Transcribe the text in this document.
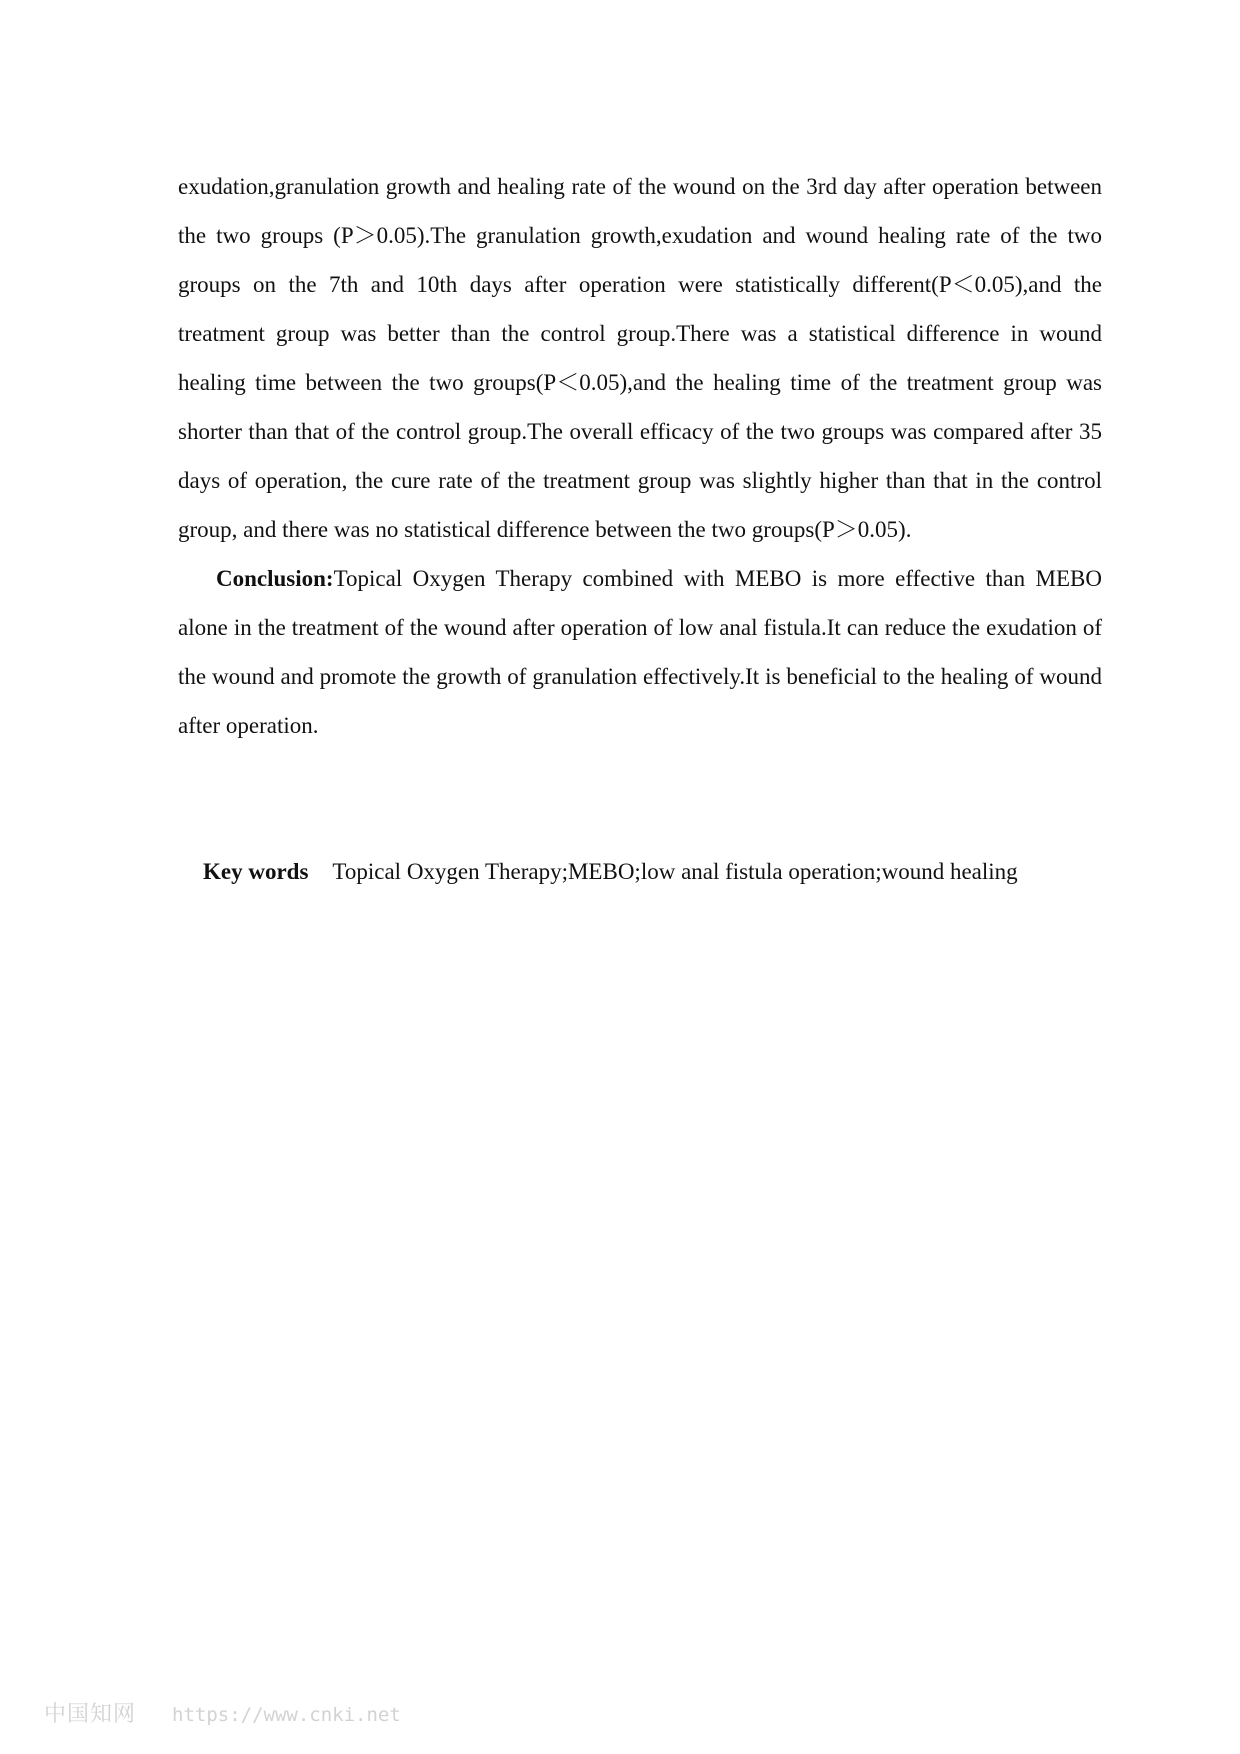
exudation,granulation growth and healing rate of the wound on the 3rd day after operation between the two groups (P＞0.05).The granulation growth,exudation and wound healing rate of the two groups on the 7th and 10th days after operation were statistically different(P＜0.05),and the treatment group was better than the control group.There was a statistical difference in wound healing time between the two groups(P＜0.05),and the healing time of the treatment group was shorter than that of the control group.The overall efficacy of the two groups was compared after 35 days of operation, the cure rate of the treatment group was slightly higher than that in the control group, and there was no statistical difference between the two groups(P＞0.05).

Conclusion:Topical Oxygen Therapy combined with MEBO is more effective than MEBO alone in the treatment of the wound after operation of low anal fistula.It can reduce the exudation of the wound and promote the growth of granulation effectively.It is beneficial to the healing of wound after operation.

Key words Topical Oxygen Therapy;MEBO;low anal fistula operation;wound healing
中国知网 https://www.cnki.net
